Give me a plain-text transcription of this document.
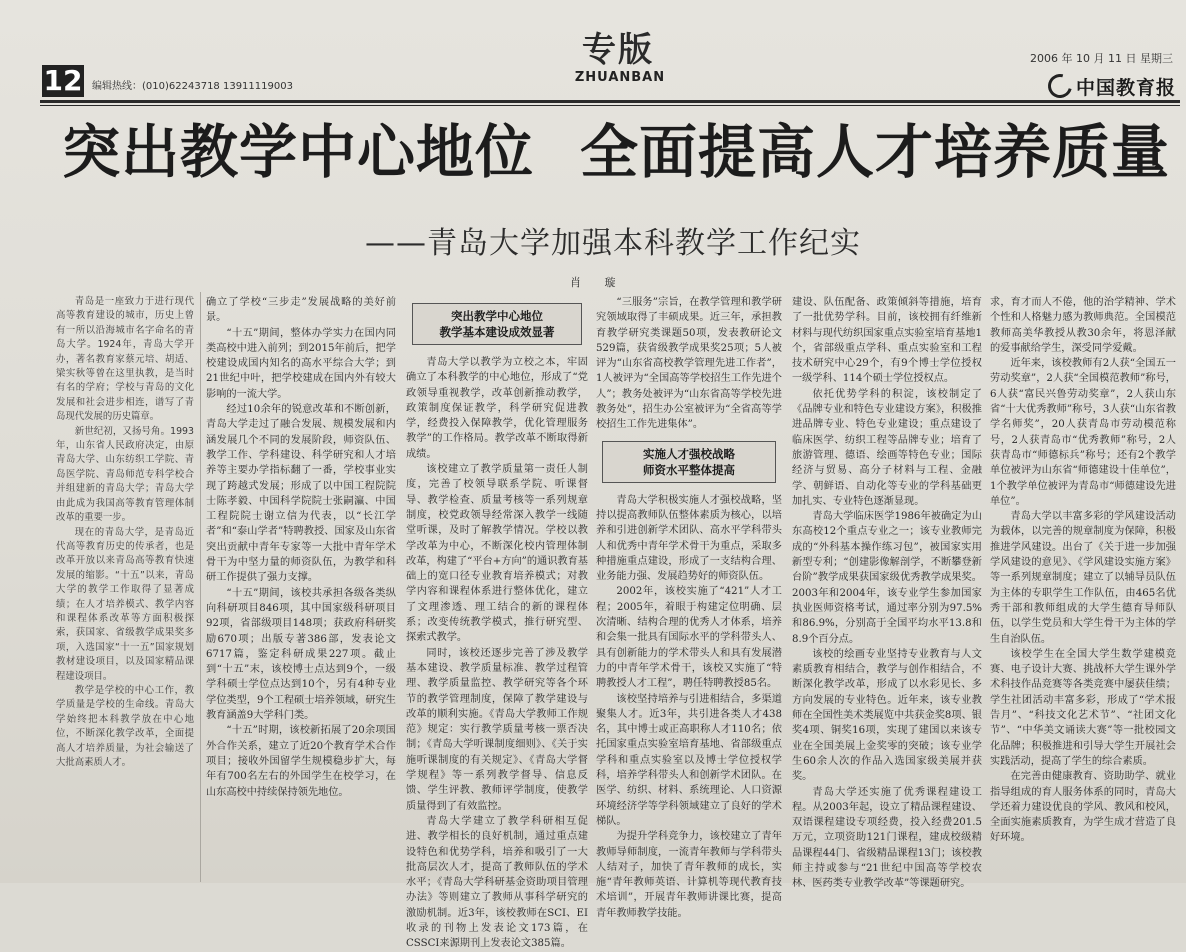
12 编辑热线：(010)62243718 13911119003
专版
ZHUANBAN
2006 年 10 月 11 日 星期三
中国教育报
突出教学中心地位 全面提高人才培养质量
——青岛大学加强本科教学工作纪实
肖 璇

青岛是一座致力于进行现代高等教育建设的城市，历史上曾有一所以沿海城市名字命名的青岛大学。1924年，青岛大学开办，著名教育家蔡元培、胡适、梁实秋等曾在这里执教，是当时有名的学府；学校与青岛的文化发展和社会进步相连，谱写了青岛现代发展的历史篇章。

新世纪初，又扬号角。1993年，山东省人民政府决定，由原青岛大学、山东纺织工学院、青岛医学院、青岛师范专科学校合并组建新的青岛大学；青岛大学由此成为我国高等教育管理体制改革的重要一步。

现在的青岛大学，是青岛近代高等教育历史的传承者，也是改革开放以来青岛高等教育快速发展的缩影。“十五”以来，青岛大学的教学工作取得了显著成绩；在人才培养模式、教学内容和课程体系改革等方面积极探索，获国家、省级教学成果奖多项，入选国家“十一五”国家规划教材建设项目，以及国家精品课程建设项目。

教学是学校的中心工作，教学质量是学校的生命线。青岛大学始终把本科教学放在中心地位，不断深化教学改革，全面提高人才培养质量，为社会输送了大批高素质人才。

确立了学校“三步走”发展战略的美好前景。

“十五”期间，整体办学实力在国内同类高校中进入前列；到2015年前后，把学校建设成国内知名的高水平综合大学；到21世纪中叶，把学校建成在国内外有较大影响的一流大学。

经过10余年的锐意改革和不断创新，青岛大学走过了融合发展、规模发展和内涵发展几个不同的发展阶段，师资队伍、教学工作、学科建设、科学研究和人才培养等主要办学指标翻了一番，学校事业实现了跨越式发展；形成了以中国工程院院士陈孝毅、中国科学院院士张嗣瀛、中国工程院院士谢立信为代表，以“长江学者”和“泰山学者”特聘教授、国家及山东省突出贡献中青年专家等一大批中青年学术骨干为中坚力量的师资队伍，为教学和科研工作提供了强力支撑。

“十五”期间，该校共承担各级各类纵向科研项目846项，其中国家级科研项目92项，省部级项目148项；获政府科研奖励670项；出版专著386部，发表论文6717篇，鉴定科研成果227项。截止到“十五”末，该校博士点达到9个，一级学科硕士学位点达到10个，另有4种专业学位类型，9个工程硕士培养领域，研究生教育涵盖9大学科门类。

“十五”时期，该校新拓展了20余项国外合作关系，建立了近20个教育学术合作项目；接收外国留学生规模稳步扩大，每年有700名左右的外国学生在校学习，在山东高校中持续保持领先地位。

突出教学中心地位
教学基本建设成效显著

青岛大学以教学为立校之本，牢固确立了本科教学的中心地位，形成了“党政领导重视教学，改革创新推动教学，政策制度保证教学，科学研究促进教学，经费投入保障教学，优化管理服务教学”的工作格局。教学改革不断取得新成绩。

该校建立了教学质量第一责任人制度，完善了校领导联系学院、听课督导、教学检查、质量考核等一系列规章制度，校党政领导经常深入教学一线随堂听课，及时了解教学情况。学校以教学改革为中心，不断深化校内管理体制改革，构建了“平台+方向”的通识教育基础上的宽口径专业教育培养模式；对教学内容和课程体系进行整体优化，建立了文理渗透、理工结合的新的课程体系；改变传统教学模式，推行研究型、探索式教学。

同时，该校还逐步完善了涉及教学基本建设、教学质量标准、教学过程管理、教学质量监控、教学研究等各个环节的教学管理制度，保障了教学建设与改革的顺利实施。《青岛大学教师工作规范》规定：实行教学质量考核一票否决制；《青岛大学听课制度细则》、《关于实施听课制度的有关规定》、《青岛大学督学规程》等一系列教学督导、信息反馈、学生评教、教师评学制度，使教学质量得到了有效监控。

青岛大学建立了教学科研相互促进、教学相长的良好机制，通过重点建设特色和优势学科，培养和吸引了一大批高层次人才，提高了教师队伍的学术水平；《青岛大学科研基金资助项目管理办法》等则建立了教师从事科学研究的激励机制。近3年，该校教师在SCI、EI收录的刊物上发表论文173篇，在CSSCI来源期刊上发表论文385篇。

“三服务”宗旨，在教学管理和教学研究领域取得了丰硕成果。近三年，承担教育教学研究类课题50项，发表教研论文529篇，获省级教学成果奖25项；5人被评为“山东省高校教学管理先进工作者”，1人被评为“全国高等学校招生工作先进个人”；教务处被评为“山东省高等学校先进教务处”，招生办公室被评为“全省高等学校招生工作先进集体”。

实施人才强校战略
师资水平整体提高

青岛大学积极实施人才强校战略，坚持以提高教师队伍整体素质为核心，以培养和引进创新学术团队、高水平学科带头人和优秀中青年学术骨干为重点，采取多种措施重点建设，形成了一支结构合理、业务能力强、发展趋势好的师资队伍。

2002年，该校实施了“421”人才工程；2005年，着眼于构建定位明确、层次清晰、结构合理的优秀人才体系，培养和会集一批具有国际水平的学科带头人、具有创新能力的学术带头人和具有发展潜力的中青年学术骨干，该校又实施了“特聘教授人才工程”，聘任特聘教授85名。

该校坚持培养与引进相结合，多渠道聚集人才。近3年，共引进各类人才438名，其中博士或正高职称人才110名；依托国家重点实验室培育基地、省部级重点学科和重点实验室以及博士学位授权学科，培养学科带头人和创新学术团队。在医学、纺织、材料、系统理论、人口资源环境经济学等学科领域建立了良好的学术梯队。

为提升学科竞争力，该校建立了青年教师导师制度，一流青年教师与学科带头人结对子，加快了青年教师的成长，实施“青年教师英语、计算机等现代教育技术培训”，开展青年教师讲课比赛，提高青年教师教学技能。

建设、队伍配备、政策倾斜等措施，培育了一批优势学科。目前，该校拥有纤维新材料与现代纺织国家重点实验室培育基地1个，省部级重点学科、重点实验室和工程技术研究中心29个，有9个博士学位授权一级学科、114个硕士学位授权点。

依托优势学科的积淀，该校制定了《品牌专业和特色专业建设方案》，积极推进品牌专业、特色专业建设；重点建设了临床医学、纺织工程等品牌专业；培育了旅游管理、德语、绘画等特色专业；国际经济与贸易、高分子材料与工程、金融学、朝鲜语、自动化等专业的学科基础更加扎实、专业特色逐渐显现。

青岛大学临床医学1986年被确定为山东高校12个重点专业之一；该专业教师完成的“外科基本操作练习包”，被国家实用新型专利；“创建影像解剖学，不断攀登新台阶”教学成果获国家级优秀教学成果奖。2003年和2004年，该专业学生参加国家执业医师资格考试，通过率分别为97.5%和86.9%，分别高于全国平均水平13.8和8.9个百分点。

该校的绘画专业坚持专业教育与人文素质教育相结合，教学与创作相结合，不断深化教学改革，形成了以水彩见长、多方向发展的专业特色。近年来，该专业教师在全国性美术类展览中共获金奖8项、银奖4项、铜奖16项，实现了建国以来该专业在全国美展上金奖零的突破；该专业学生60余人次的作品入选国家级美展并获奖。

青岛大学还实施了优秀课程建设工程。从2003年起，设立了精品课程建设、双语课程建设专项经费，投入经费201.5万元，立项资助121门课程，建成校级精品课程44门、省级精品课程13门；该校教师主持或参与“21世纪中国高等学校农林、医药类专业教学改革”等课题研究。

求，育才而人不倦，他的治学精神、学术个性和人格魅力感为教师典范。全国模范教师高美华教授从教30余年，将恩泽献的爱事献给学生，深受同学爱戴。

近年来，该校教师有2人获“全国五一劳动奖章”，2人获“全国模范教师”称号，6人获“富民兴鲁劳动奖章”，2人获山东省“十大优秀教师”称号，3人获“山东省教学名师奖”，20人获青岛市劳动模范称号，2人获青岛市“优秀教师”称号，2人获青岛市“师德标兵”称号；还有2个教学单位被评为山东省“师德建设十佳单位”，1个教学单位被评为青岛市“师德建设先进单位”。

青岛大学以丰富多彩的学风建设活动为载体，以完善的规章制度为保障，积极推进学风建设。出台了《关于进一步加强学风建设的意见》、《学风建设实施方案》等一系列规章制度；建立了以辅导员队伍为主体的专职学生工作队伍，由465名优秀干部和教师组成的大学生德育导师队伍，以学生党员和大学生骨干为主体的学生自治队伍。

该校学生在全国大学生数学建模竞赛、电子设计大赛、挑战杯大学生课外学术科技作品竞赛等各类竞赛中屡获佳绩；学生社团活动丰富多彩，形成了“学术报告月”、“科技文化艺术节”、“社团文化节”、“中华美文诵读大赛”等一批校园文化品牌；积极推进和引导大学生开展社会实践活动，提高了学生的综合素质。

在完善由健康教育、资助助学、就业指导组成的育人服务体系的同时，青岛大学还着力建设优良的学风、教风和校风，全面实施素质教育，为学生成才营造了良好环境。
